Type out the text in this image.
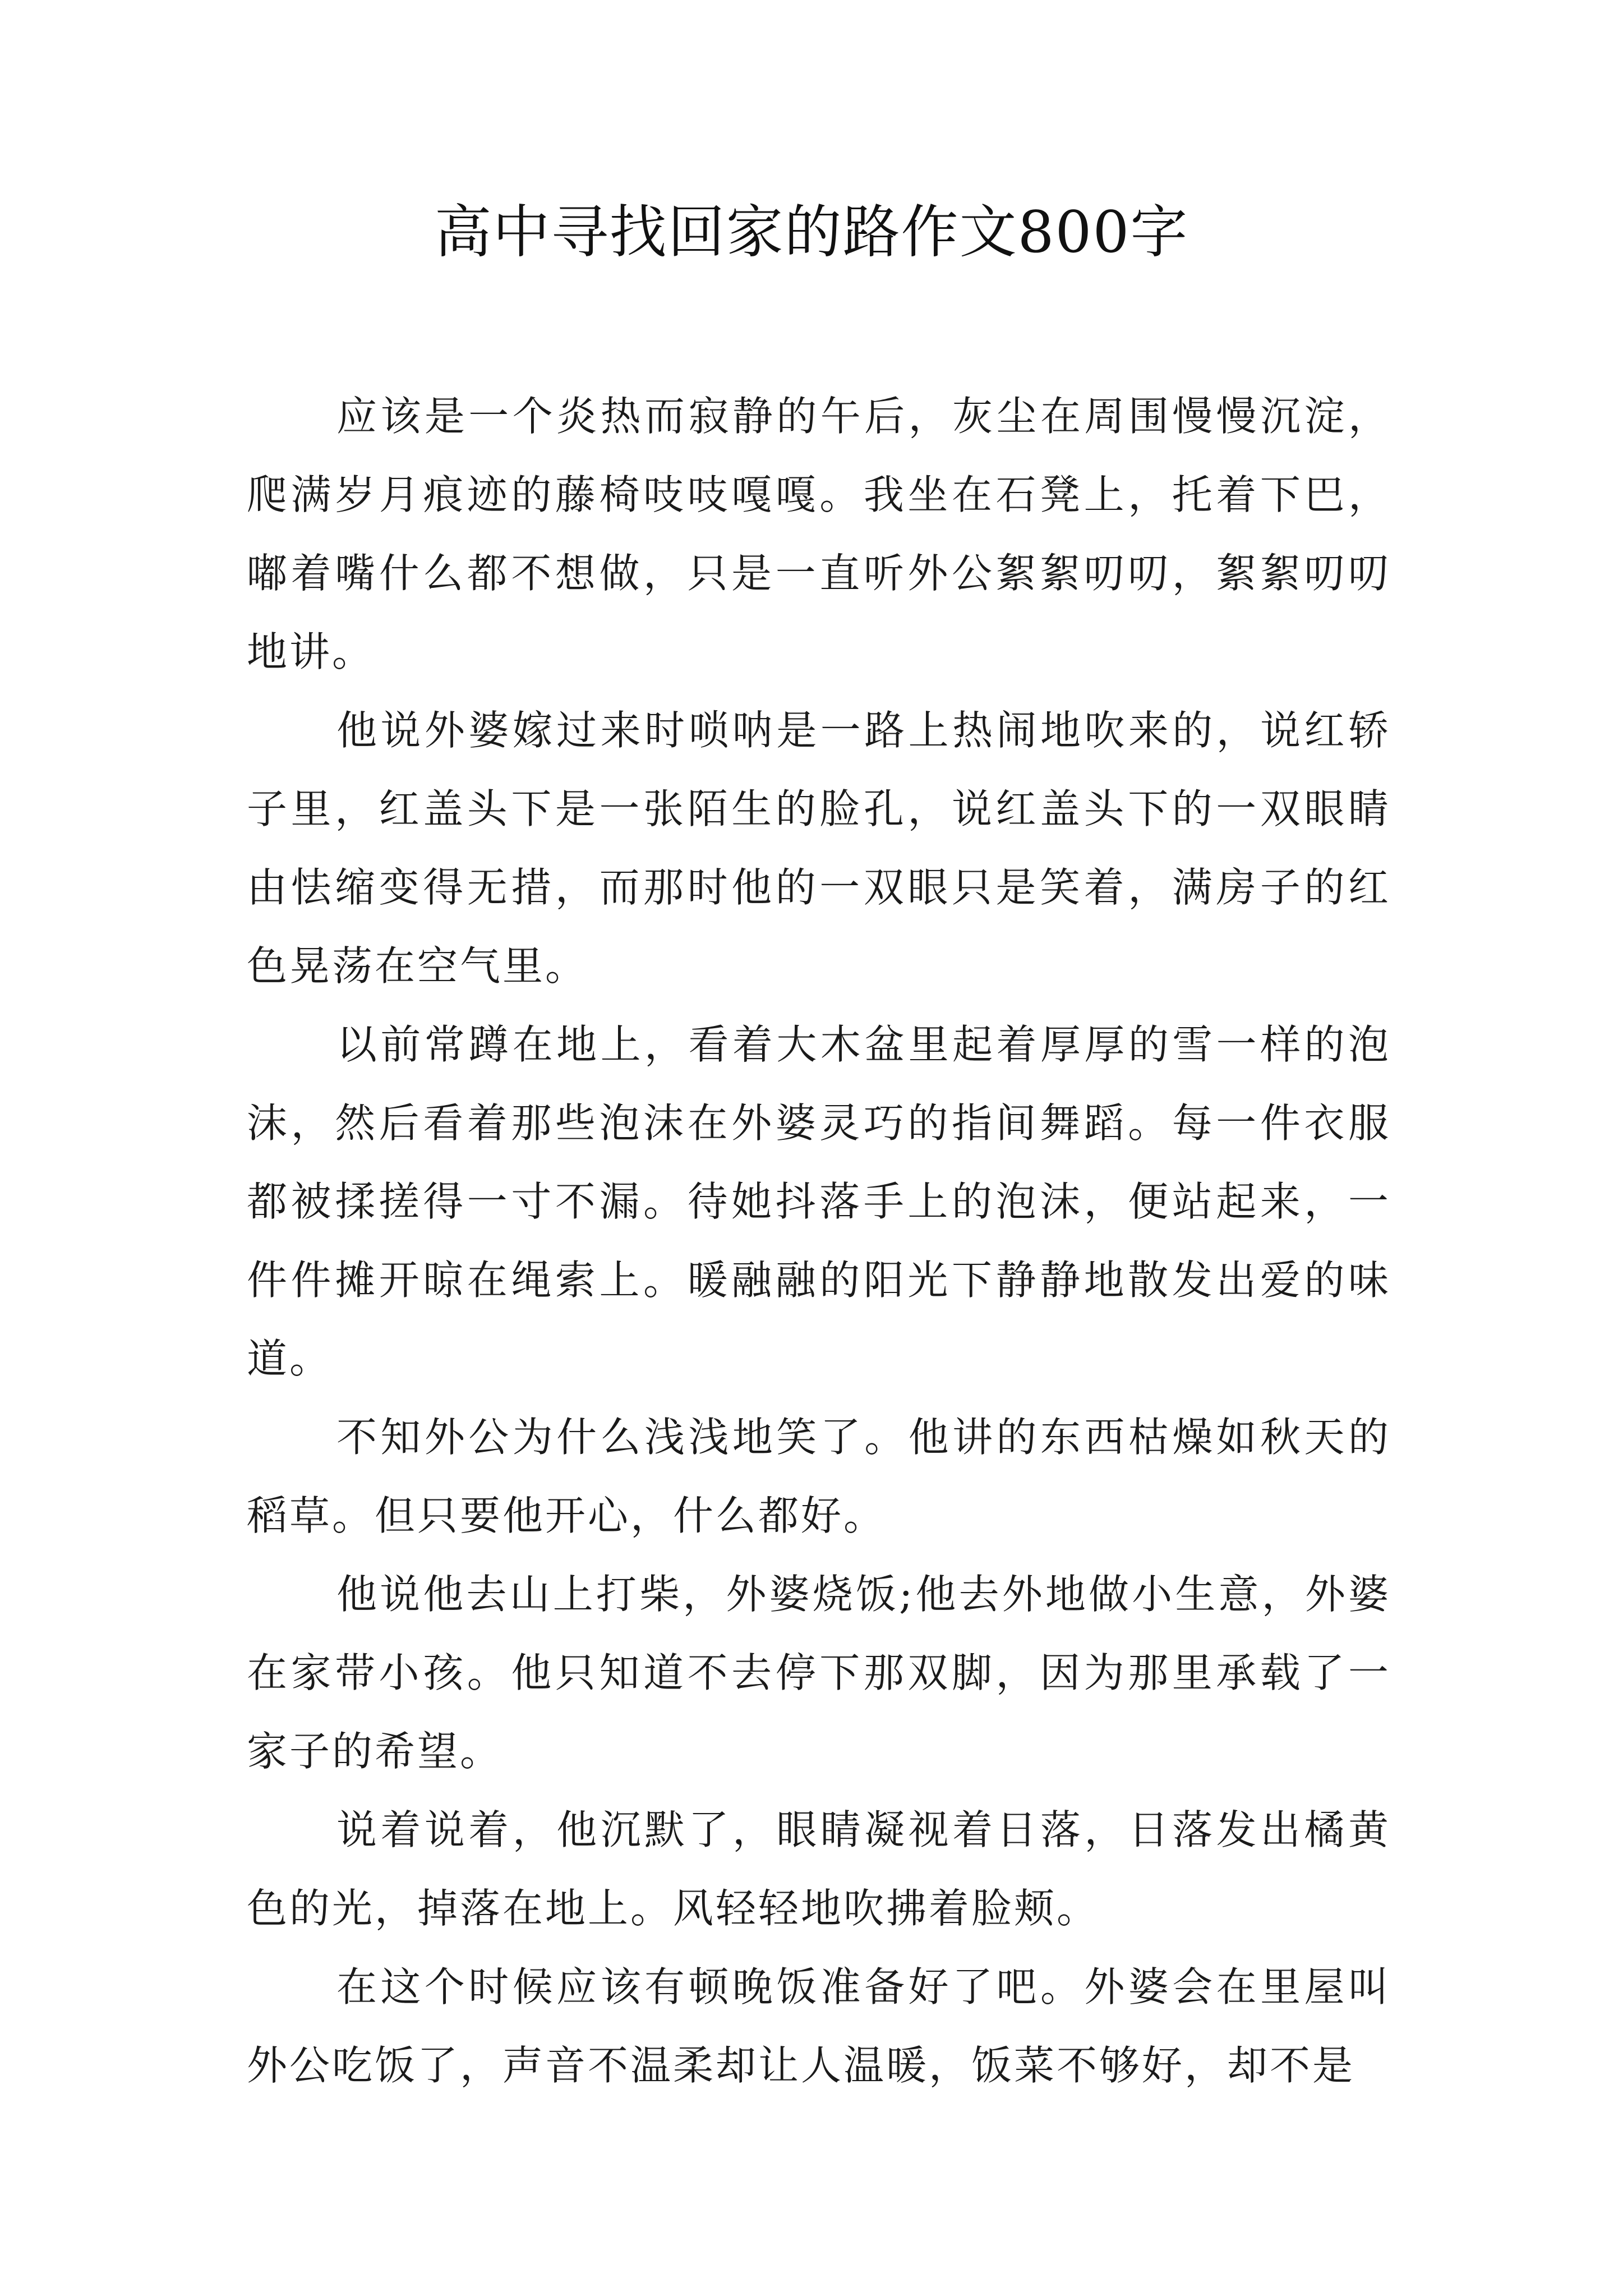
高中寻找回家的路作文800字

应该是一个炎热而寂静的午后，灰尘在周围慢慢沉淀，爬满岁月痕迹的藤椅吱吱嘎嘎。我坐在石凳上，托着下巴，嘟着嘴什么都不想做，只是一直听外公絮絮叨叨，絮絮叨叨地讲。

他说外婆嫁过来时唢呐是一路上热闹地吹来的，说红轿子里，红盖头下是一张陌生的脸孔，说红盖头下的一双眼睛由怯缩变得无措，而那时他的一双眼只是笑着，满房子的红色晃荡在空气里。

以前常蹲在地上，看着大木盆里起着厚厚的雪一样的泡沫，然后看着那些泡沫在外婆灵巧的指间舞蹈。每一件衣服都被揉搓得一寸不漏。待她抖落手上的泡沫，便站起来，一件件摊开晾在绳索上。暖融融的阳光下静静地散发出爱的味道。

不知外公为什么浅浅地笑了。他讲的东西枯燥如秋天的稻草。但只要他开心，什么都好。

他说他去山上打柴，外婆烧饭;他去外地做小生意，外婆在家带小孩。他只知道不去停下那双脚，因为那里承载了一家子的希望。

说着说着，他沉默了，眼睛凝视着日落，日落发出橘黄色的光，掉落在地上。风轻轻地吹拂着脸颊。

在这个时候应该有顿晚饭准备好了吧。外婆会在里屋叫外公吃饭了，声音不温柔却让人温暖，饭菜不够好，却不是
